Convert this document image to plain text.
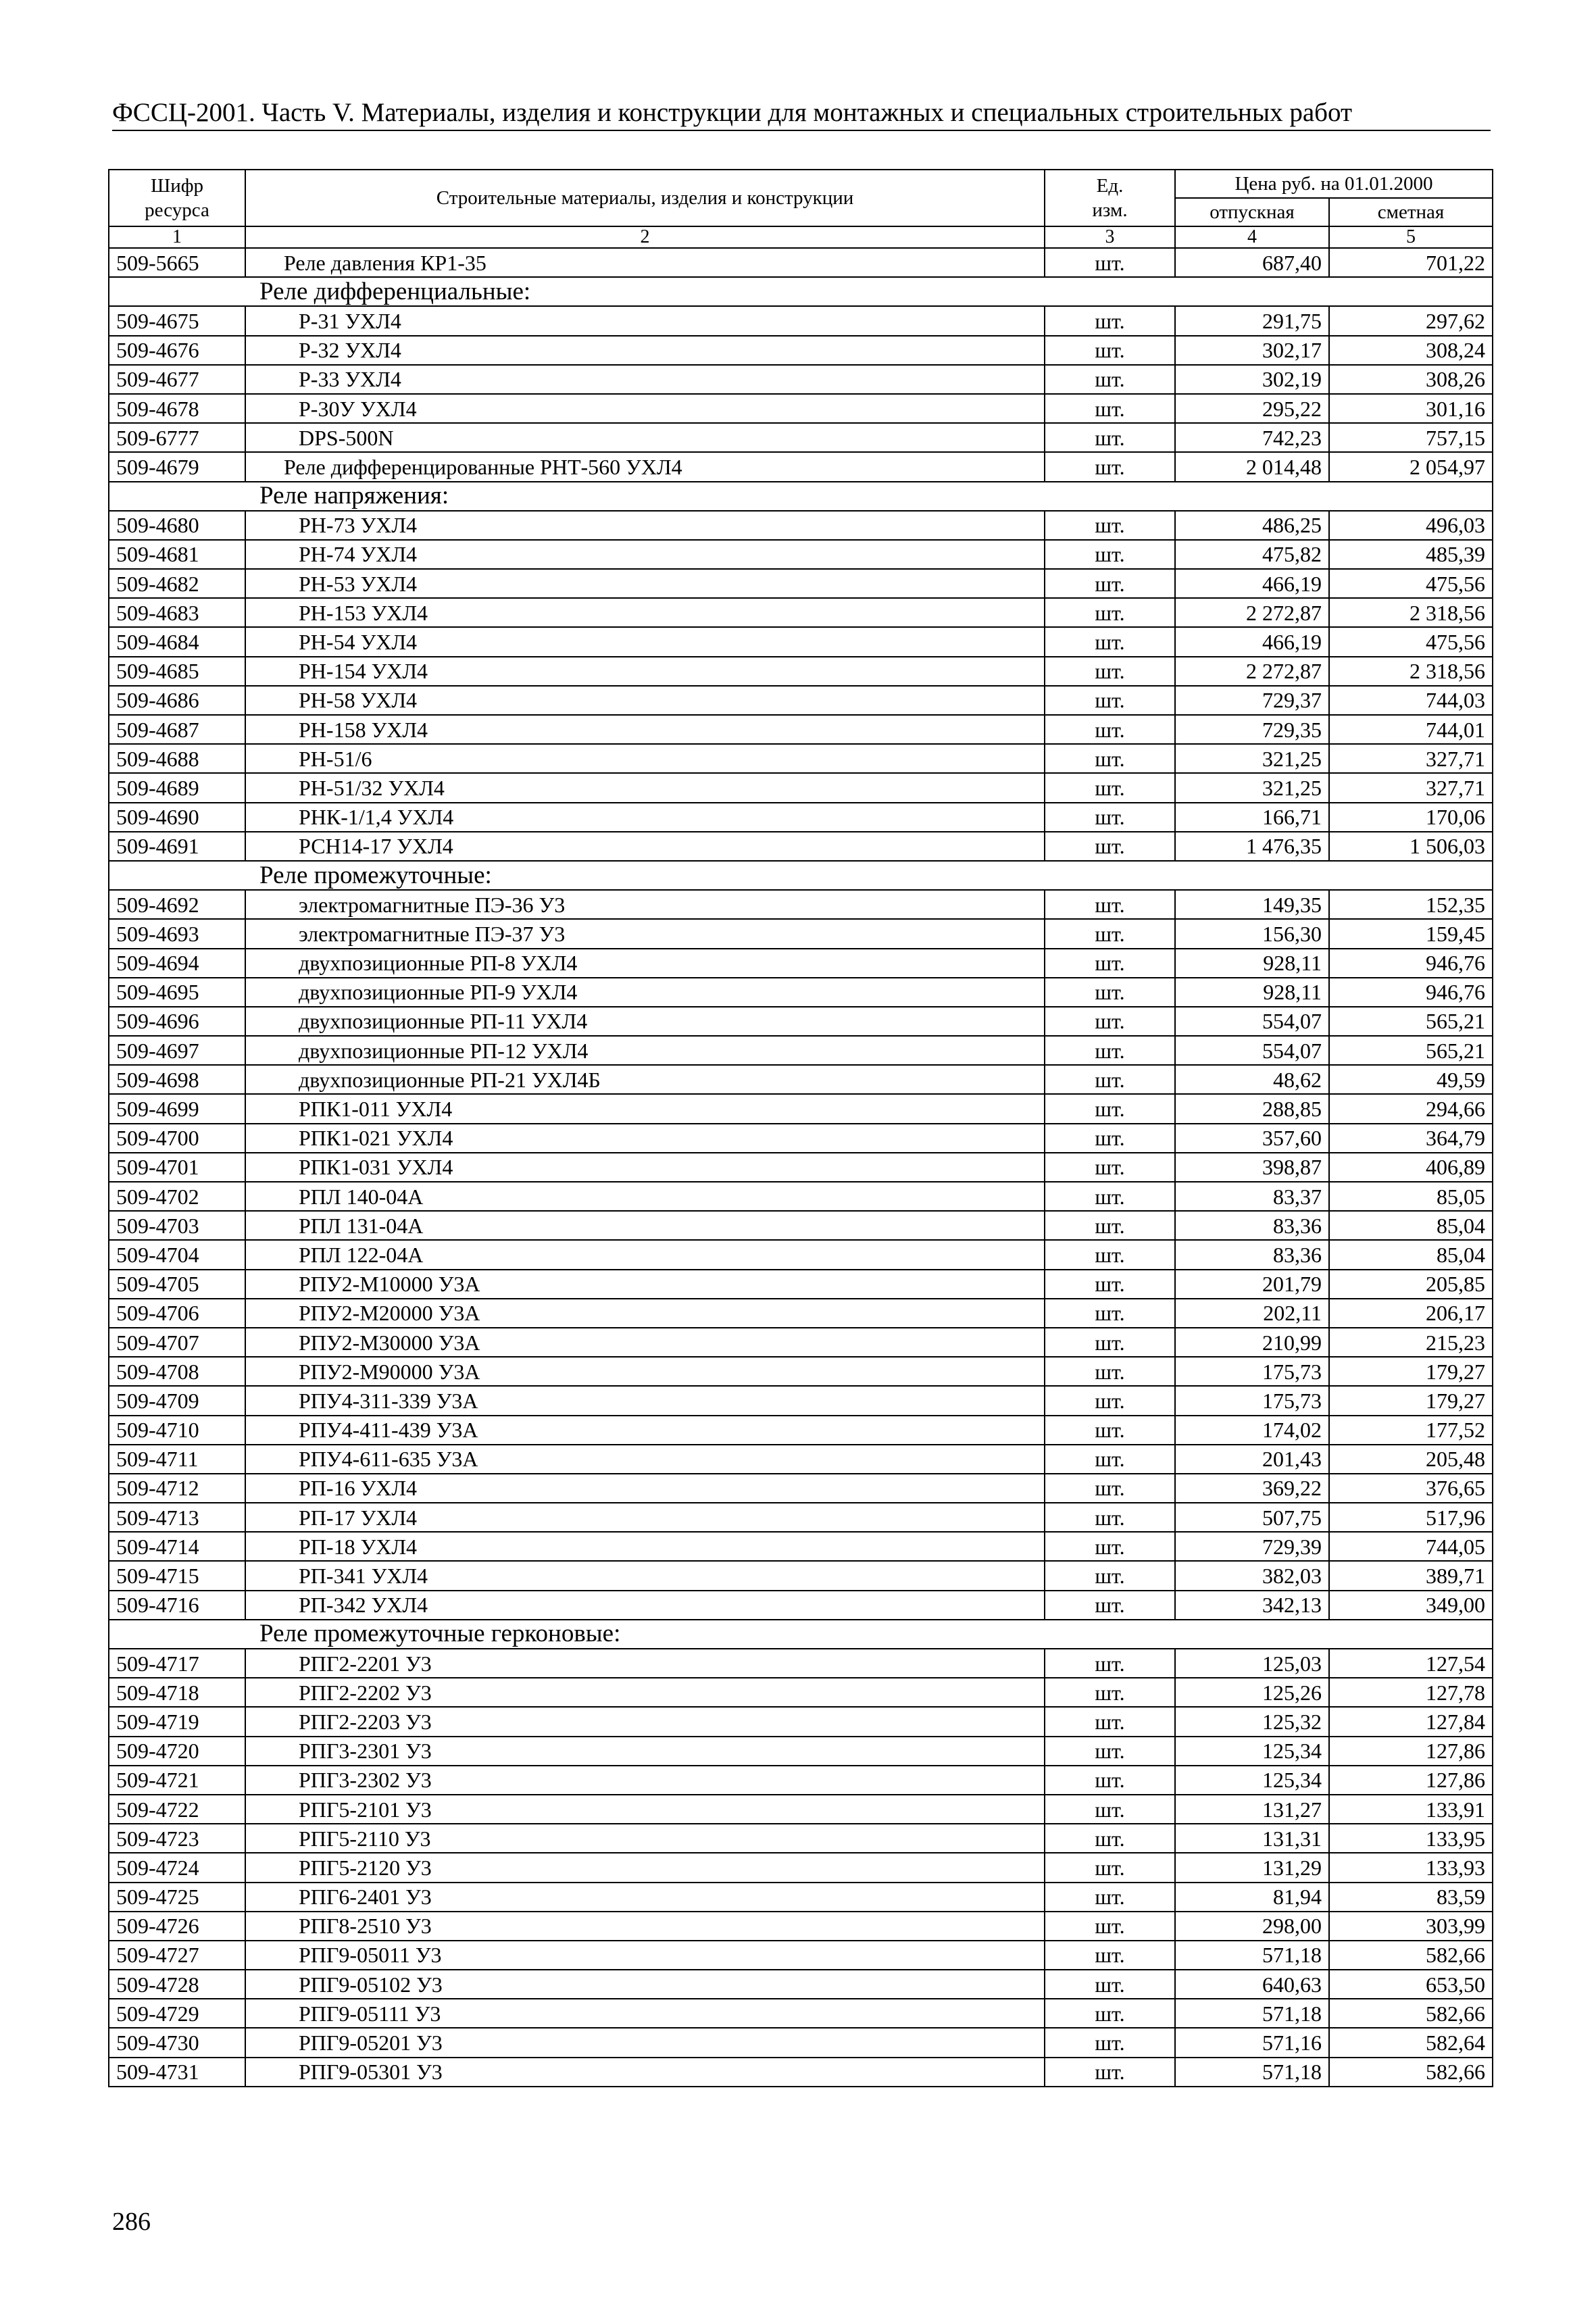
ФССЦ-2001. Часть V. Материалы, изделия и конструкции для монтажных и специальных строительных работ
Шифр
ресурса	Строительные материалы, изделия и конструкции	Ед.
изм.	Цена руб. на 01.01.2000	
			отпускная	сметная
1	2	3	4	5
509-5665	Реле давления КР1-35	шт.	687,40	701,22
Реле дифференциальные:				
509-4675	Р-31 УХЛ4	шт.	291,75	297,62
509-4676	Р-32 УХЛ4	шт.	302,17	308,24
509-4677	Р-33 УХЛ4	шт.	302,19	308,26
509-4678	Р-30У УХЛ4	шт.	295,22	301,16
509-6777	DPS-500N	шт.	742,23	757,15
509-4679	Реле дифференцированные РНТ-560 УХЛ4	шт.	2 014,48	2 054,97
Реле напряжения:				
509-4680	РН-73 УХЛ4	шт.	486,25	496,03
509-4681	РН-74 УХЛ4	шт.	475,82	485,39
509-4682	РН-53 УХЛ4	шт.	466,19	475,56
509-4683	РН-153 УХЛ4	шт.	2 272,87	2 318,56
509-4684	РН-54 УХЛ4	шт.	466,19	475,56
509-4685	РН-154 УХЛ4	шт.	2 272,87	2 318,56
509-4686	РН-58 УХЛ4	шт.	729,37	744,03
509-4687	РН-158 УХЛ4	шт.	729,35	744,01
509-4688	РН-51/6	шт.	321,25	327,71
509-4689	РН-51/32 УХЛ4	шт.	321,25	327,71
509-4690	РНК-1/1,4 УХЛ4	шт.	166,71	170,06
509-4691	РСН14-17 УХЛ4	шт.	1 476,35	1 506,03
Реле промежуточные:				
509-4692	электромагнитные ПЭ-36 У3	шт.	149,35	152,35
509-4693	электромагнитные ПЭ-37 У3	шт.	156,30	159,45
509-4694	двухпозиционные РП-8 УХЛ4	шт.	928,11	946,76
509-4695	двухпозиционные РП-9 УХЛ4	шт.	928,11	946,76
509-4696	двухпозиционные РП-11 УХЛ4	шт.	554,07	565,21
509-4697	двухпозиционные РП-12 УХЛ4	шт.	554,07	565,21
509-4698	двухпозиционные РП-21 УХЛ4Б	шт.	48,62	49,59
509-4699	РПК1-011 УХЛ4	шт.	288,85	294,66
509-4700	РПК1-021 УХЛ4	шт.	357,60	364,79
509-4701	РПК1-031 УХЛ4	шт.	398,87	406,89
509-4702	РПЛ 140-04А	шт.	83,37	85,05
509-4703	РПЛ 131-04А	шт.	83,36	85,04
509-4704	РПЛ 122-04А	шт.	83,36	85,04
509-4705	РПУ2-М10000 У3А	шт.	201,79	205,85
509-4706	РПУ2-М20000 У3А	шт.	202,11	206,17
509-4707	РПУ2-М30000 У3А	шт.	210,99	215,23
509-4708	РПУ2-М90000 У3А	шт.	175,73	179,27
509-4709	РПУ4-311-339 У3А	шт.	175,73	179,27
509-4710	РПУ4-411-439 У3А	шт.	174,02	177,52
509-4711	РПУ4-611-635 У3А	шт.	201,43	205,48
509-4712	РП-16 УХЛ4	шт.	369,22	376,65
509-4713	РП-17 УХЛ4	шт.	507,75	517,96
509-4714	РП-18 УХЛ4	шт.	729,39	744,05
509-4715	РП-341 УХЛ4	шт.	382,03	389,71
509-4716	РП-342 УХЛ4	шт.	342,13	349,00
Реле промежуточные герконовые:				
509-4717	РПГ2-2201 У3	шт.	125,03	127,54
509-4718	РПГ2-2202 У3	шт.	125,26	127,78
509-4719	РПГ2-2203 У3	шт.	125,32	127,84
509-4720	РПГ3-2301 У3	шт.	125,34	127,86
509-4721	РПГ3-2302 У3	шт.	125,34	127,86
509-4722	РПГ5-2101 У3	шт.	131,27	133,91
509-4723	РПГ5-2110 У3	шт.	131,31	133,95
509-4724	РПГ5-2120 У3	шт.	131,29	133,93
509-4725	РПГ6-2401 У3	шт.	81,94	83,59
509-4726	РПГ8-2510 У3	шт.	298,00	303,99
509-4727	РПГ9-05011 У3	шт.	571,18	582,66
509-4728	РПГ9-05102 У3	шт.	640,63	653,50
509-4729	РПГ9-05111 У3	шт.	571,18	582,66
509-4730	РПГ9-05201 У3	шт.	571,16	582,64
509-4731	РПГ9-05301 У3	шт.	571,18	582,66
286
